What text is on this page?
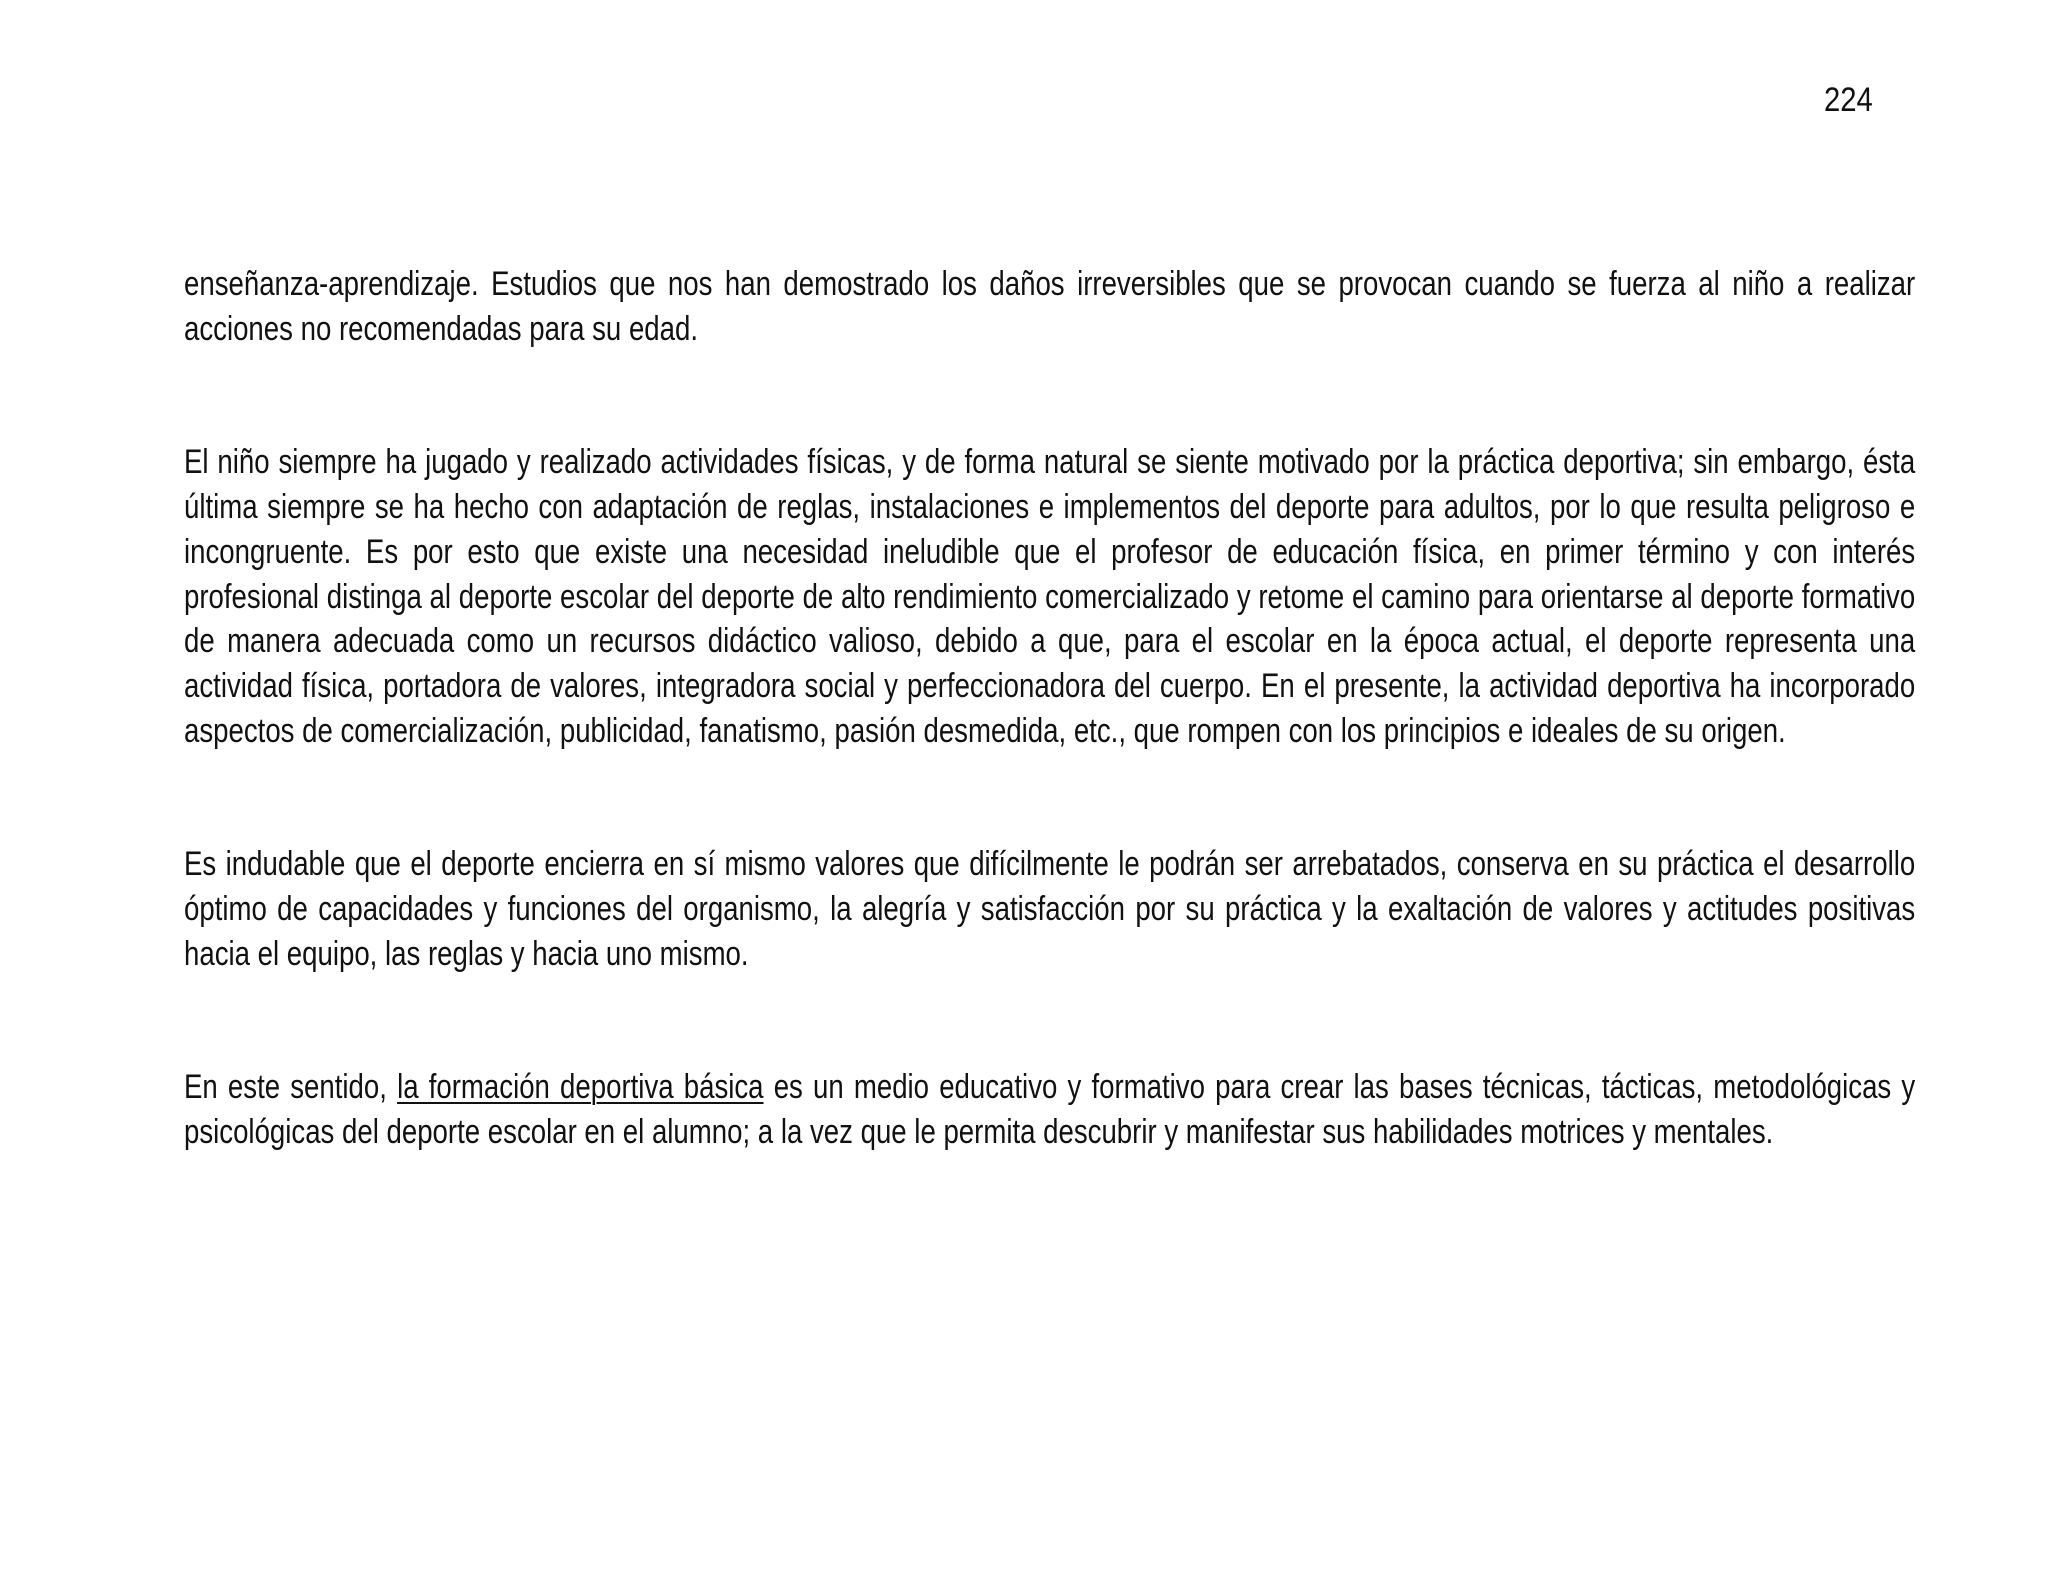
224

enseñanza-aprendizaje. Estudios que nos han demostrado los daños irreversibles que se provocan cuando se fuerza al niño a realizar acciones no recomendadas para su edad.

El niño siempre ha jugado y realizado actividades físicas, y de forma natural se siente motivado por la práctica deportiva; sin embargo, ésta última siempre se ha hecho con adaptación de reglas, instalaciones e implementos del deporte para adultos, por lo que resulta peligroso e incongruente. Es por esto que existe una necesidad ineludible que el profesor de educación física, en primer término y con interés profesional distinga al deporte escolar del deporte de alto rendimiento comercializado y retome el camino para orientarse al deporte formativo de manera adecuada como un recursos didáctico valioso, debido a que, para el escolar en la época actual, el deporte representa una actividad física, portadora de valores, integradora social y perfeccionadora del cuerpo. En el presente, la actividad deportiva ha incorporado aspectos de comercialización, publicidad, fanatismo, pasión desmedida, etc., que rompen con los principios e ideales de su origen.

Es indudable que el deporte encierra en sí mismo valores que difícilmente le podrán ser arrebatados, conserva en su práctica el desarrollo óptimo de capacidades y funciones del organismo, la alegría y satisfacción por su práctica y la exaltación de valores y actitudes positivas hacia el equipo, las reglas y hacia uno mismo.

En este sentido, la formación deportiva básica es un medio educativo y formativo para crear las bases técnicas, tácticas, metodológicas y psicológicas del deporte escolar en el alumno; a la vez que le permita descubrir y manifestar sus habilidades motrices y mentales.
